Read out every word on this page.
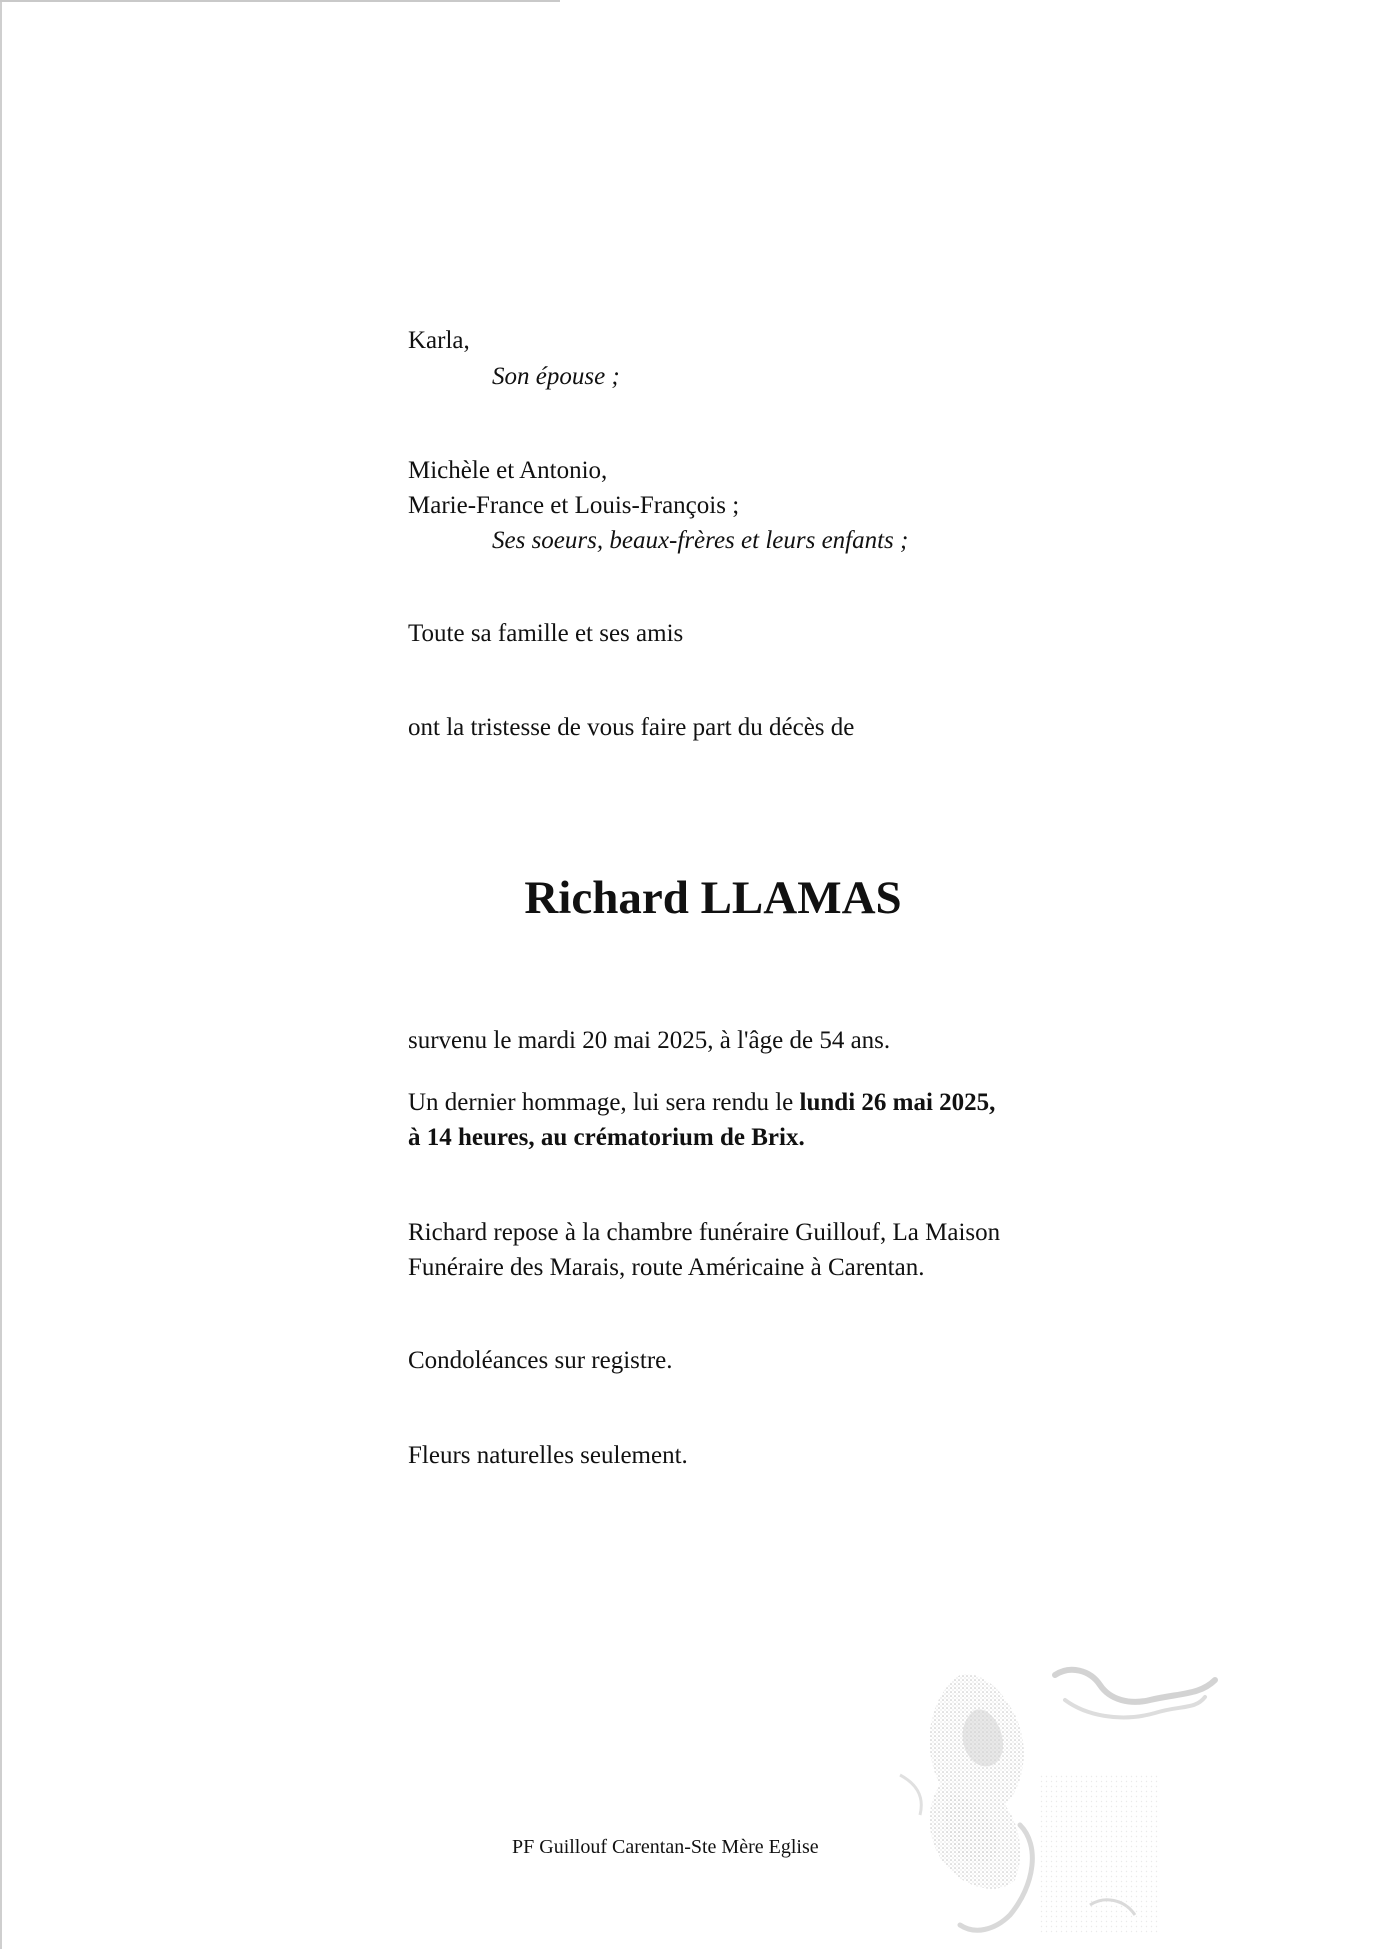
Karla,
Son épouse ;
Michèle et Antonio,
Marie-France et Louis-François ;
Ses soeurs, beaux-frères et leurs enfants ;
Toute sa famille et ses amis
ont la tristesse de vous faire part du décès de
Richard LLAMAS
survenu le mardi 20 mai 2025, à l'âge de 54 ans.
Un dernier hommage, lui sera rendu le lundi 26 mai 2025,
à 14 heures, au crématorium de Brix.
Richard repose à la chambre funéraire Guillouf, La Maison
Funéraire des Marais, route Américaine à Carentan.
Condoléances sur registre.
Fleurs naturelles seulement.
PF Guillouf Carentan-Ste Mère Eglise
